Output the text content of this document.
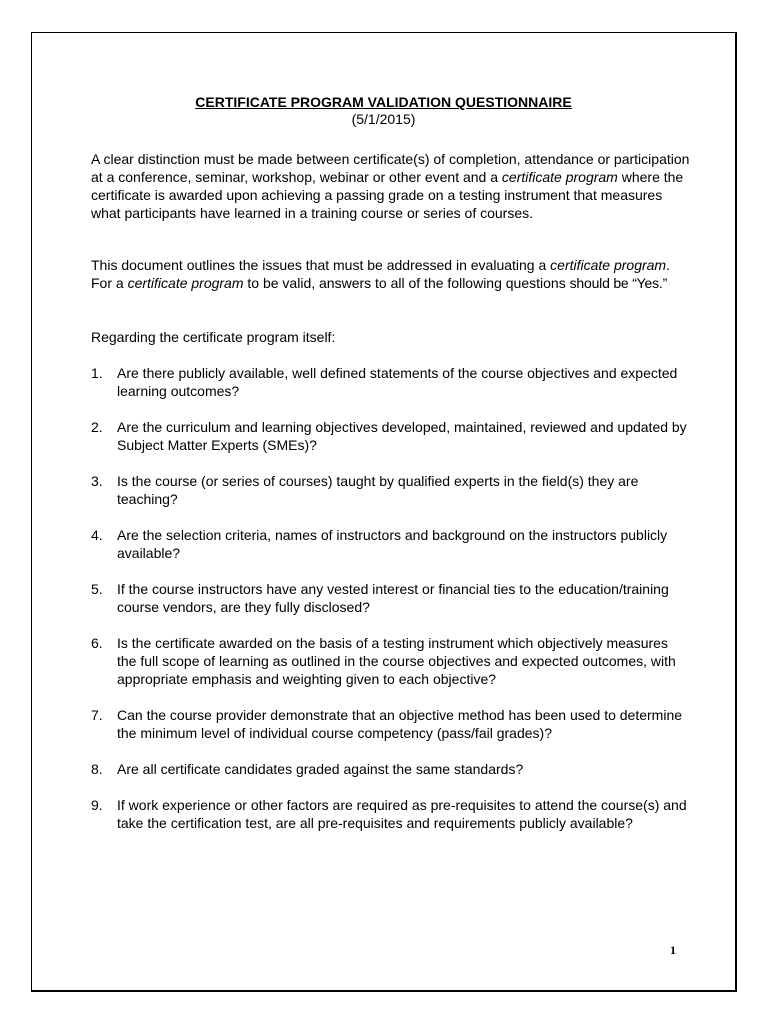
CERTIFICATE PROGRAM VALIDATION QUESTIONNAIRE
(5/1/2015)
A clear distinction must be made between certificate(s) of completion, attendance or participation at a conference, seminar, workshop, webinar or other event and a certificate program where the certificate is awarded upon achieving a passing grade on a testing instrument that measures what participants have learned in a training course or series of courses.
This document outlines the issues that must be addressed in evaluating a certificate program. For a certificate program to be valid, answers to all of the following questions should be “Yes.”
Regarding the certificate program itself:
1. Are there publicly available, well defined statements of the course objectives and expected learning outcomes?
2. Are the curriculum and learning objectives developed, maintained, reviewed and updated by Subject Matter Experts (SMEs)?
3. Is the course (or series of courses) taught by qualified experts in the field(s) they are teaching?
4. Are the selection criteria, names of instructors and background on the instructors publicly available?
5. If the course instructors have any vested interest or financial ties to the education/training course vendors, are they fully disclosed?
6. Is the certificate awarded on the basis of a testing instrument which objectively measures the full scope of learning as outlined in the course objectives and expected outcomes, with appropriate emphasis and weighting given to each objective?
7. Can the course provider demonstrate that an objective method has been used to determine the minimum level of individual course competency (pass/fail grades)?
8. Are all certificate candidates graded against the same standards?
9. If work experience or other factors are required as pre-requisites to attend the course(s) and take the certification test, are all pre-requisites and requirements publicly available?
1
